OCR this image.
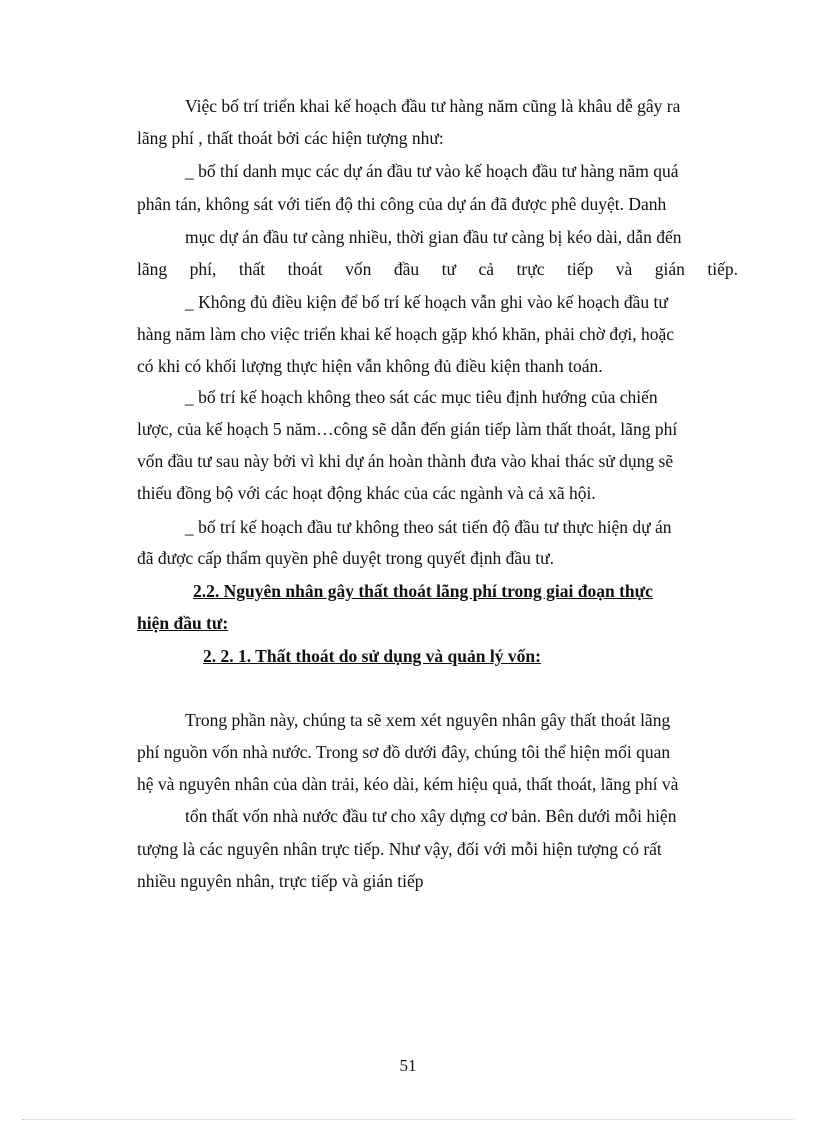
Việc bố trí triển khai kế hoạch đầu tư hàng năm cũng là khâu dễ gây ra
lãng phí , thất thoát bởi các hiện tượng như:
_ bố thí danh mục các dự án đầu tư vào kế hoạch đầu tư hàng năm quá
phân tán, không sát với tiến độ thi công của dự án đã được phê duyệt. Danh
mục dự án đầu tư càng nhiều, thời gian đầu tư càng bị kéo dài, dẫn đến
lãng phí, thất thoát vốn đầu tư cả trực tiếp và gián tiếp.
_ Không đủ điều kiện để bố trí kế hoạch vẫn ghi vào kế hoạch đầu tư
hàng năm làm cho việc triển khai kế hoạch gặp khó khăn, phải chờ đợi, hoặc
có khi có khối lượng thực hiện vẫn không đủ điều kiện thanh toán.
_ bố trí kế hoạch không theo sát các mục tiêu định hướng của chiến
lược, của kế hoạch 5 năm…công sẽ dẫn đến gián tiếp làm thất thoát, lãng phí
vốn đầu tư sau này bởi vì khi dự án hoàn thành đưa vào khai thác sử dụng sẽ
thiếu đồng bộ với các hoạt động khác của các ngành và cả xã hội.
_ bố trí kế hoạch đầu tư không theo sát tiến độ đầu tư thực hiện dự án
đã được cấp thẩm quyền phê duyệt trong quyết định đầu tư.
2.2. Nguyên nhân gây thất thoát lãng phí trong giai đoạn thực
hiện đầu tư:
2. 2. 1. Thất thoát do sử dụng và quản lý vốn:
Trong phần này, chúng ta sẽ xem xét nguyên nhân gây thất thoát lãng
phí nguồn vốn nhà nước. Trong sơ đồ dưới đây, chúng tôi thể hiện mối quan
hệ và nguyên nhân của dàn trải, kéo dài, kém hiệu quả, thất thoát, lãng phí và
tổn thất vốn nhà nước đầu tư cho xây dựng cơ bản. Bên dưới mỗi hiện
tượng là các nguyên nhân trực tiếp. Như vậy, đối với mỗi hiện tượng có rất
nhiều nguyên nhân, trực tiếp và gián tiếp
51
